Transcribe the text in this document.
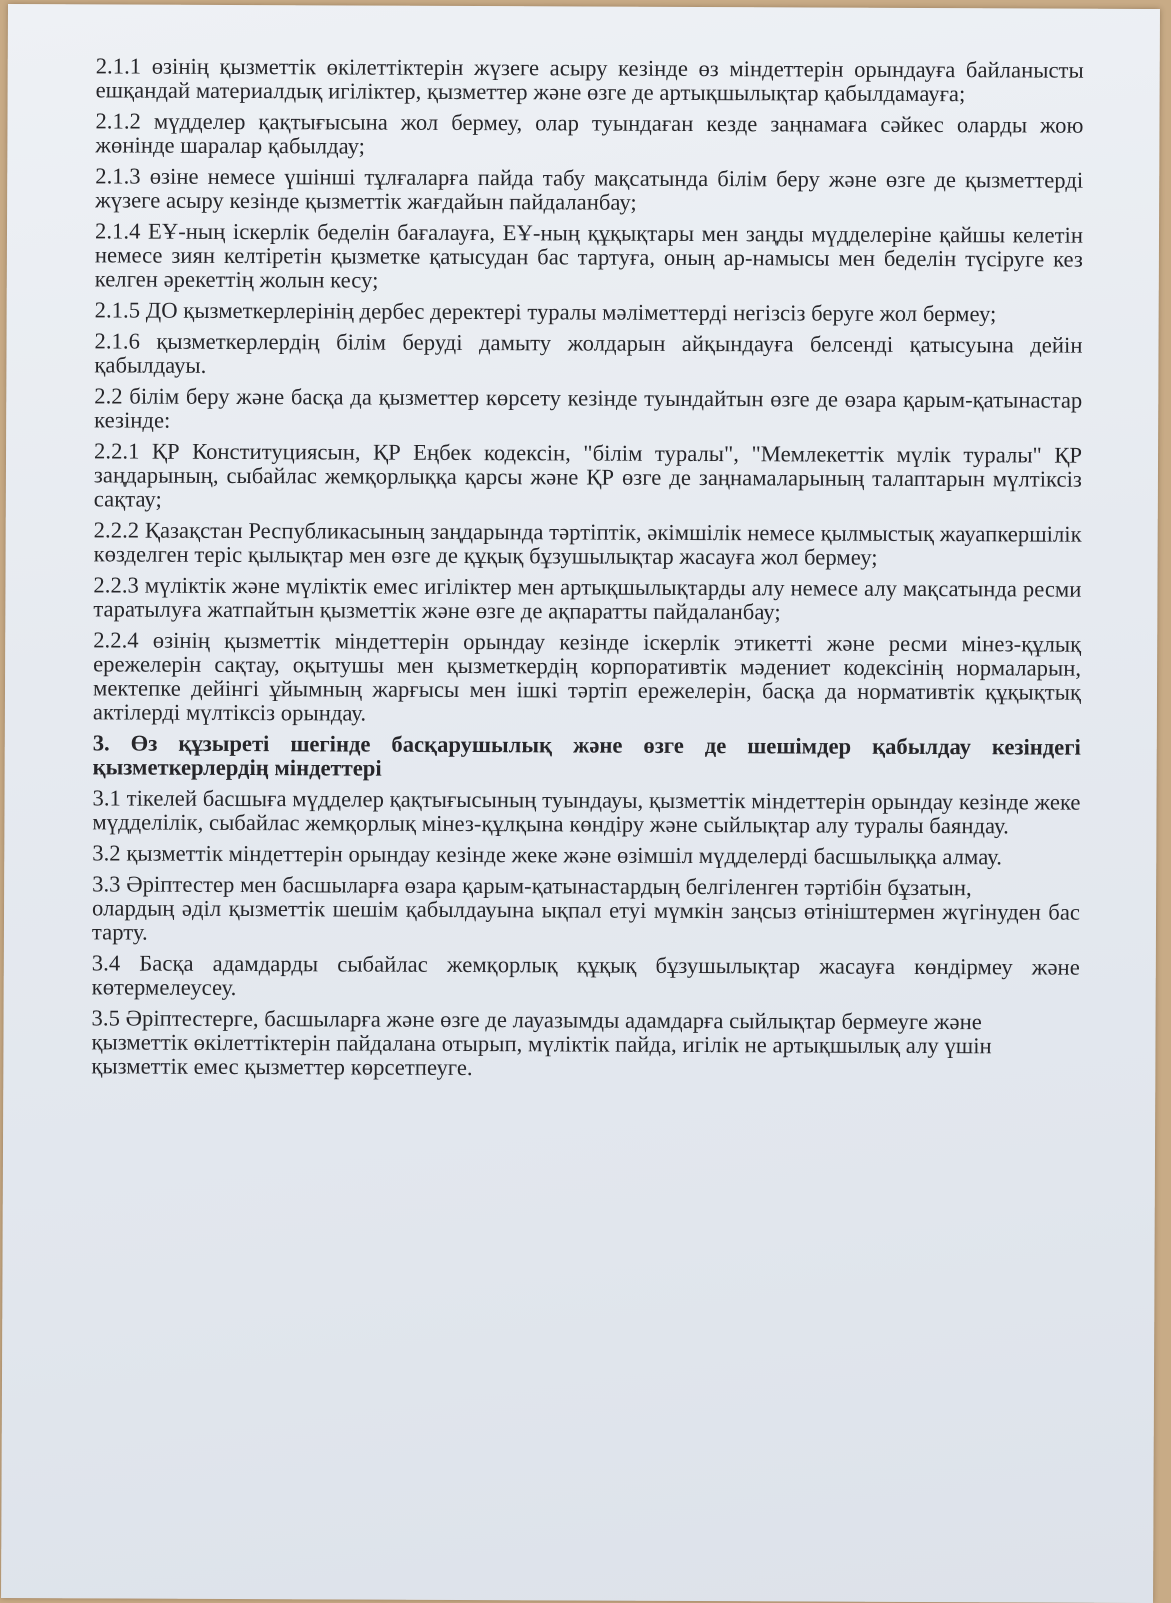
2.1.1 өзінің қызметтік өкілеттіктерін жүзеге асыру кезінде өз міндеттерін орындауға байланысты ешқандай материалдық игіліктер, қызметтер және өзге де артықшылықтар қабылдамауға;

2.1.2 мүдделер қақтығысына жол бермеу, олар туындаған кезде заңнамаға сәйкес оларды жою жөнінде шаралар қабылдау;

2.1.3 өзіне немесе үшінші тұлғаларға пайда табу мақсатында білім беру және өзге де қызметтерді жүзеге асыру кезінде қызметтік жағдайын пайдаланбау;

2.1.4 ЕҰ-ның іскерлік беделін бағалауға, ЕҰ-ның құқықтары мен заңды мүдделеріне қайшы келетін немесе зиян келтіретін қызметке қатысудан бас тартуға, оның ар-намысы мен беделін түсіруге кез келген әрекеттің жолын кесу;

2.1.5 ДО қызметкерлерінің дербес деректері туралы мәліметтерді негізсіз беруге жол бермеу;

2.1.6 қызметкерлердің білім беруді дамыту жолдарын айқындауға белсенді қатысуына дейін қабылдауы.

2.2 білім беру және басқа да қызметтер көрсету кезінде туындайтын өзге де өзара қарым-қатынастар кезінде:

2.2.1 ҚР Конституциясын, ҚР Еңбек кодексін, "білім туралы", "Мемлекеттік мүлік туралы" ҚР заңдарының, сыбайлас жемқорлыққа қарсы және ҚР өзге де заңнамаларының талаптарын мүлтіксіз сақтау;

2.2.2 Қазақстан Республикасының заңдарында тәртіптік, әкімшілік немесе қылмыстық жауапкершілік көзделген теріс қылықтар мен өзге де құқық бұзушылықтар жасауға жол бермеу;

2.2.3 мүліктік және мүліктік емес игіліктер мен артықшылықтарды алу немесе алу мақсатында ресми таратылуға жатпайтын қызметтік және өзге де ақпаратты пайдаланбау;

2.2.4 өзінің қызметтік міндеттерін орындау кезінде іскерлік этикетті және ресми мінез-құлық ережелерін сақтау, оқытушы мен қызметкердің корпоративтік мәдениет кодексінің нормаларын, мектепке дейінгі ұйымның жарғысы мен ішкі тәртіп ережелерін, басқа да нормативтік құқықтық актілерді мүлтіксіз орындау.

3. Өз құзыреті шегінде басқарушылық және өзге де шешімдер қабылдау кезіндегі қызметкерлердің міндеттері

3.1 тікелей басшыға мүдделер қақтығысының туындауы, қызметтік міндеттерін орындау кезінде жеке мүдделілік, сыбайлас жемқорлық мінез-құлқына көндіру және сыйлықтар алу туралы баяндау.

3.2 қызметтік міндеттерін орындау кезінде жеке және өзімшіл мүдделерді басшылыққа алмау.

3.3 Әріптестер мен басшыларға өзара қарым-қатынастардың белгіленген тәртібін бұзатын,

олардың әділ қызметтік шешім қабылдауына ықпал етуі мүмкін заңсыз өтініштермен жүгінуден бас тарту.

3.4 Басқа адамдарды сыбайлас жемқорлық құқық бұзушылықтар жасауға көндірмеу және көтермелеусеу.

3.5 Әріптестерге, басшыларға және өзге де лауазымды адамдарға сыйлықтар бермеуге және

қызметтік өкілеттіктерін пайдалана отырып, мүліктік пайда, игілік не артықшылық алу үшін

қызметтік емес қызметтер көрсетпеуге.
